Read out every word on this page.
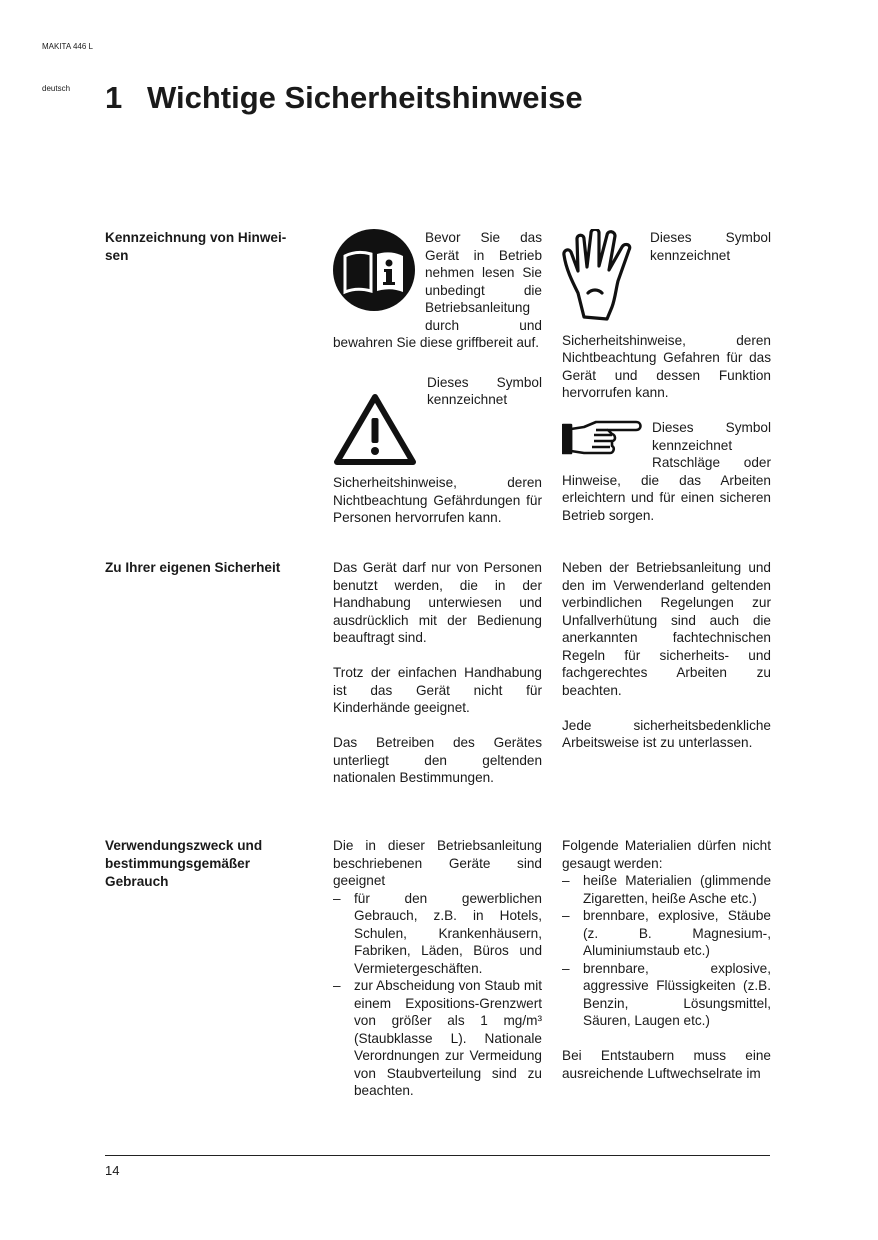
MAKITA 446 L
deutsch 1 Wichtige Sicherheitshinweise
Kennzeichnung von Hinwei-sen

Bevor Sie das Gerät in Betrieb nehmen lesen Sie unbedingt die Betriebsanleitung durch und bewahren Sie diese griffbereit auf.

Dieses Symbol kennzeichnet Sicherheitshinweise, deren Nichtbeachtung Gefährdungen für Personen hervorrufen kann.

Dieses Symbol kennzeichnet Sicherheitshinweise, deren Nichtbeachtung Gefahren für das Gerät und dessen Funktion hervorrufen kann.

Dieses Symbol kennzeichnet Ratschläge oder Hinweise, die das Arbeiten erleichtern und für einen sicheren Betrieb sorgen.

Zu Ihrer eigenen Sicherheit	Das Gerät darf nur von Personen benutzt werden, die in der Handhabung unterwiesen und ausdrücklich mit der Bedienung beauftragt sind.

Trotz der einfachen Handhabung ist das Gerät nicht für Kinderhände geeignet.

Das Betreiben des Gerätes unterliegt den geltenden nationalen Bestimmungen.

Neben der Betriebsanleitung und den im Verwenderland geltenden verbindlichen Regelungen zur Unfallverhütung sind auch die anerkannten fachtechnischen Regeln für sicherheits- und fachgerechtes Arbeiten zu beachten.

Jede sicherheitsbedenkliche Arbeitsweise ist zu unterlassen.

Verwendungszweck und bestimmungsgemäßer Gebrauch
Die in dieser Betriebsanleitung beschriebenen Geräte sind geeignet
– für den gewerblichen Gebrauch, z.B. in Hotels, Schulen, Krankenhäusern, Fabriken, Läden, Büros und Vermietergeschäften.
– zur Abscheidung von Staub mit einem Expositions-Grenzwert von größer als 1 mg/m³ (Staubklasse L). Nationale Verordnungen zur Vermeidung von Staubverteilung sind zu beachten.
Folgende Materialien dürfen nicht gesaugt werden:
– heiße Materialien (glimmende Zigaretten, heiße Asche etc.)
– brennbare, explosive, Stäube (z. B. Magnesium-, Aluminiumstaub etc.)
– brennbare, explosive, aggressive Flüssigkeiten (z.B. Benzin, Lösungsmittel, Säuren, Laugen etc.)
Bei Entstaubern muss eine ausreichende Luftwechselrate im
14
